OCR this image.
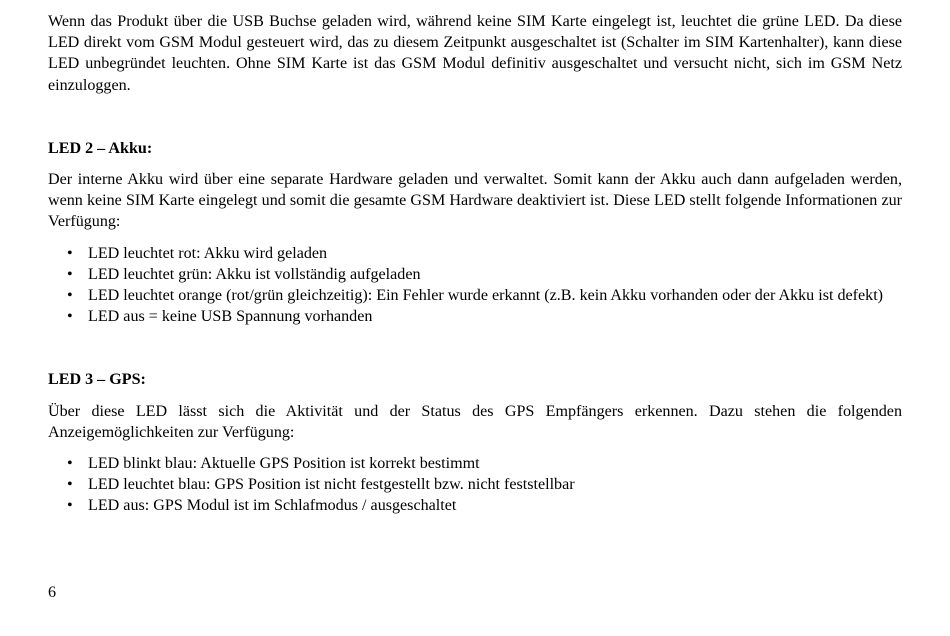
Wenn das Produkt über die USB Buchse geladen wird, während keine SIM Karte eingelegt ist, leuchtet die grüne LED. Da diese LED direkt vom GSM Modul gesteuert wird, das zu diesem Zeitpunkt ausgeschaltet ist (Schalter im SIM Kartenhalter), kann diese LED unbegründet leuchten. Ohne SIM Karte ist das GSM Modul definitiv ausgeschaltet und versucht nicht, sich im GSM Netz einzuloggen.

LED 2 – Akku:

Der interne Akku wird über eine separate Hardware geladen und verwaltet. Somit kann der Akku auch dann aufgeladen werden, wenn keine SIM Karte eingelegt und somit die gesamte GSM Hardware deaktiviert ist. Diese LED stellt folgende Informationen zur Verfügung:

• LED leuchtet rot: Akku wird geladen
• LED leuchtet grün: Akku ist vollständig aufgeladen
• LED leuchtet orange (rot/grün gleichzeitig): Ein Fehler wurde erkannt (z.B. kein Akku vorhanden oder der Akku ist defekt)
• LED aus = keine USB Spannung vorhanden
LED 3 – GPS:

Über diese LED lässt sich die Aktivität und der Status des GPS Empfängers erkennen. Dazu stehen die folgenden Anzeigemöglichkeiten zur Verfügung:

• LED blinkt blau: Aktuelle GPS Position ist korrekt bestimmt
• LED leuchtet blau: GPS Position ist nicht festgestellt bzw. nicht feststellbar
• LED aus: GPS Modul ist im Schlafmodus / ausgeschaltet
6
